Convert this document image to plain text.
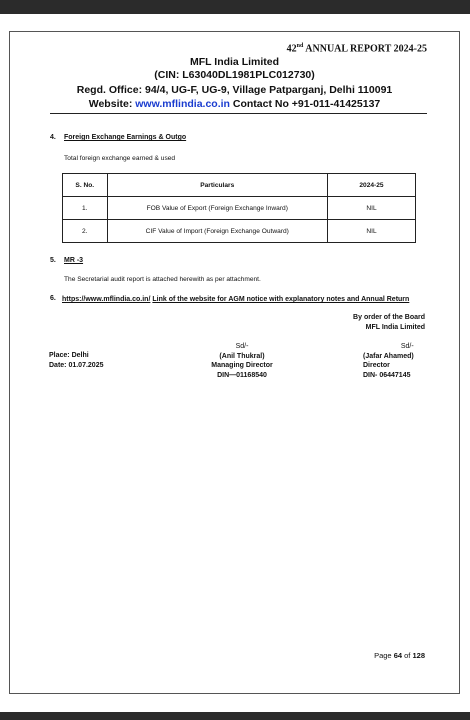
42nd ANNUAL REPORT 2024-25
MFL India Limited
(CIN: L63040DL1981PLC012730)
Regd. Office: 94/4, UG-F, UG-9, Village Patparganj, Delhi 110091
Website: www.mflindia.co.in Contact No +91-011-41425137
4. Foreign Exchange Earnings & Outgo
Total foreign exchange earned & used
S. No.	Particulars	2024-25
1.	FOB Value of Export (Foreign Exchange Inward)	NIL
2.	CIF Value of Import (Foreign Exchange Outward)	NIL
5. MR -3
The Secretarial audit report is attached herewith as per attachment.
6. https://www.mflindia.co.in/ Link of the website for AGM notice with explanatory notes and Annual Return
By order of the Board
MFL India Limited
Place: Delhi
Date: 01.07.2025
Sd/-
(Anil Thukral)
Managing Director
DIN—01168540
Sd/-
(Jafar Ahamed)
Director
DIN- 06447145
Page 64 of 128
